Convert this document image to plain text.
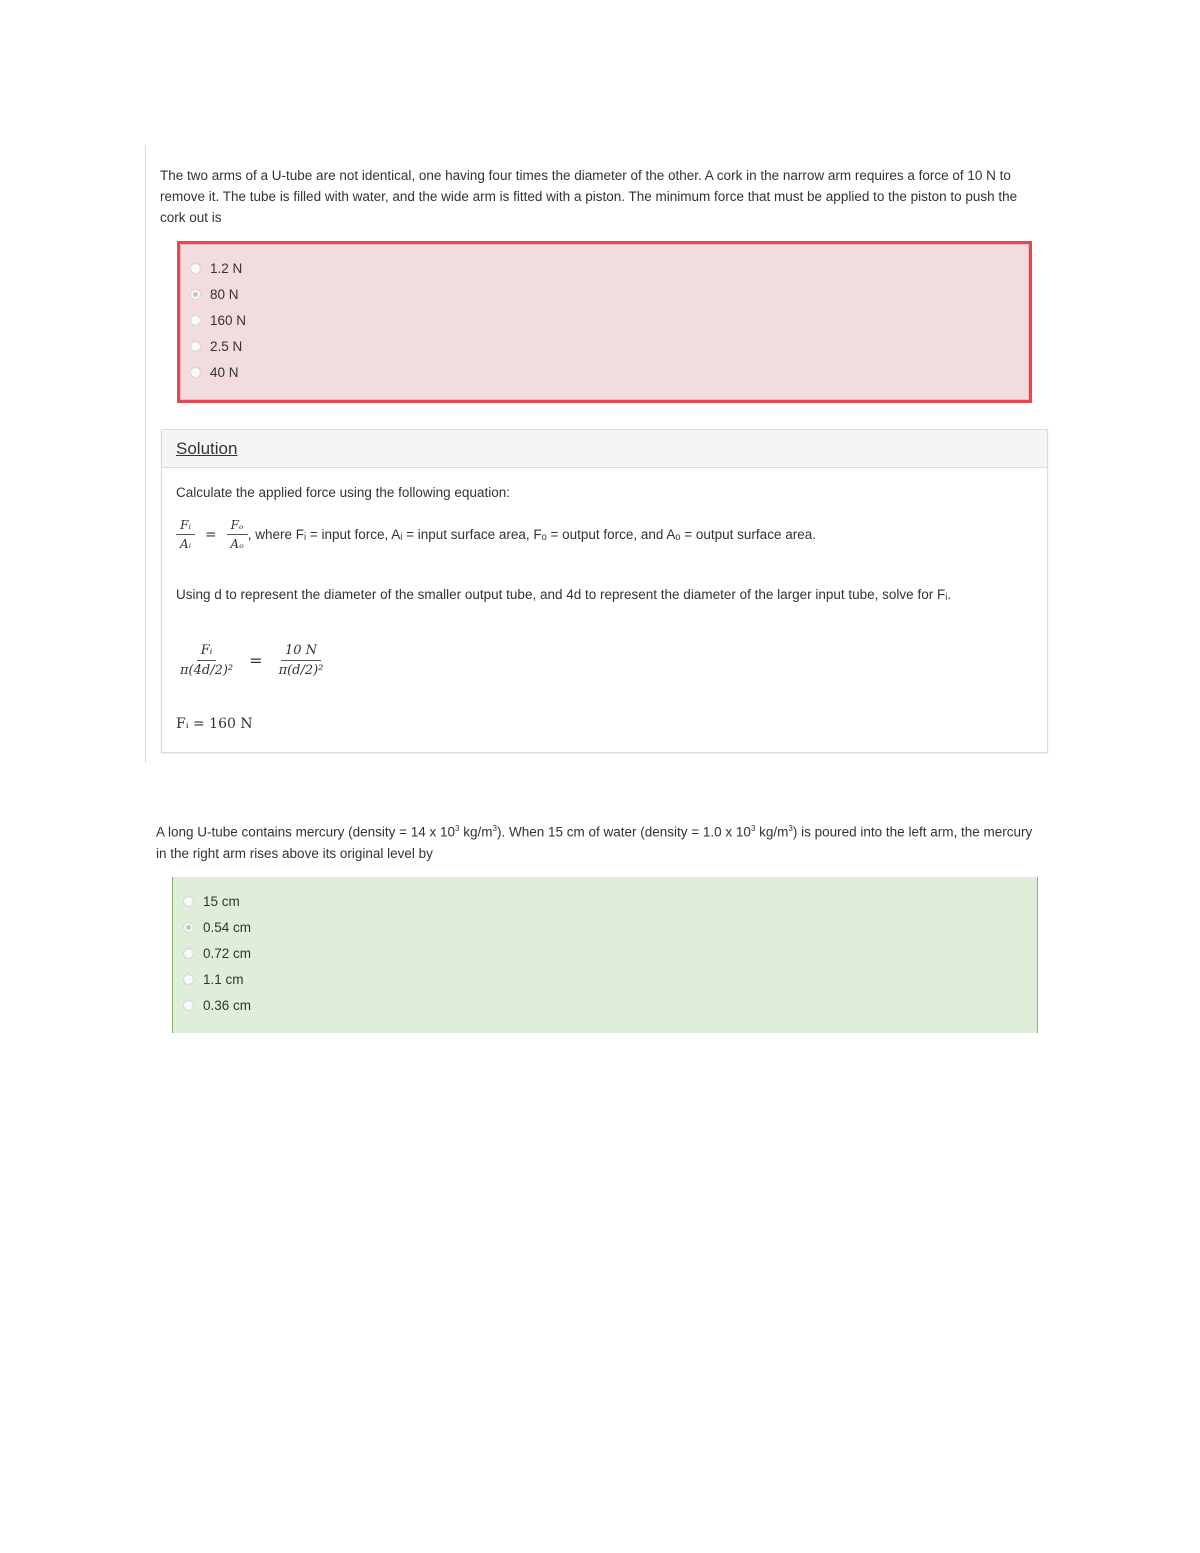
The two arms of a U-tube are not identical, one having four times the diameter of the other. A cork in the narrow arm requires a force of 10 N to remove it. The tube is filled with water, and the wide arm is fitted with a piston. The minimum force that must be applied to the piston to push the cork out is
1.2 N
80 N
160 N
2.5 N
40 N
Solution
Calculate the applied force using the following equation:
$\frac{\text{Fᵢ}}{\text{Aᵢ}} = \frac{\text{Fₒ}}{\text{Aₒ}}$ , where Fᵢ = input force, Aᵢ = input surface area, Fₒ = output force, and Aₒ = output surface area.
Using d to represent the diameter of the smaller output tube, and 4d to represent the diameter of the larger input tube, solve for Fᵢ.
$\frac{\text{Fᵢ}}{\text{π(4d/2)²}} = \frac{10 N}{\text{π(d/2)²}}$
Fᵢ = 160 N
A long U-tube contains mercury (density = 14 x $10^3$ $kg/m^3$). When 15 cm of water (density = 1.0 x $10^3$ $kg/m^3$) is poured into the left arm, the mercury in the right arm rises above its original level by
15 cm
0.54 cm
0.72 cm
1.1 cm
0.36 cm
